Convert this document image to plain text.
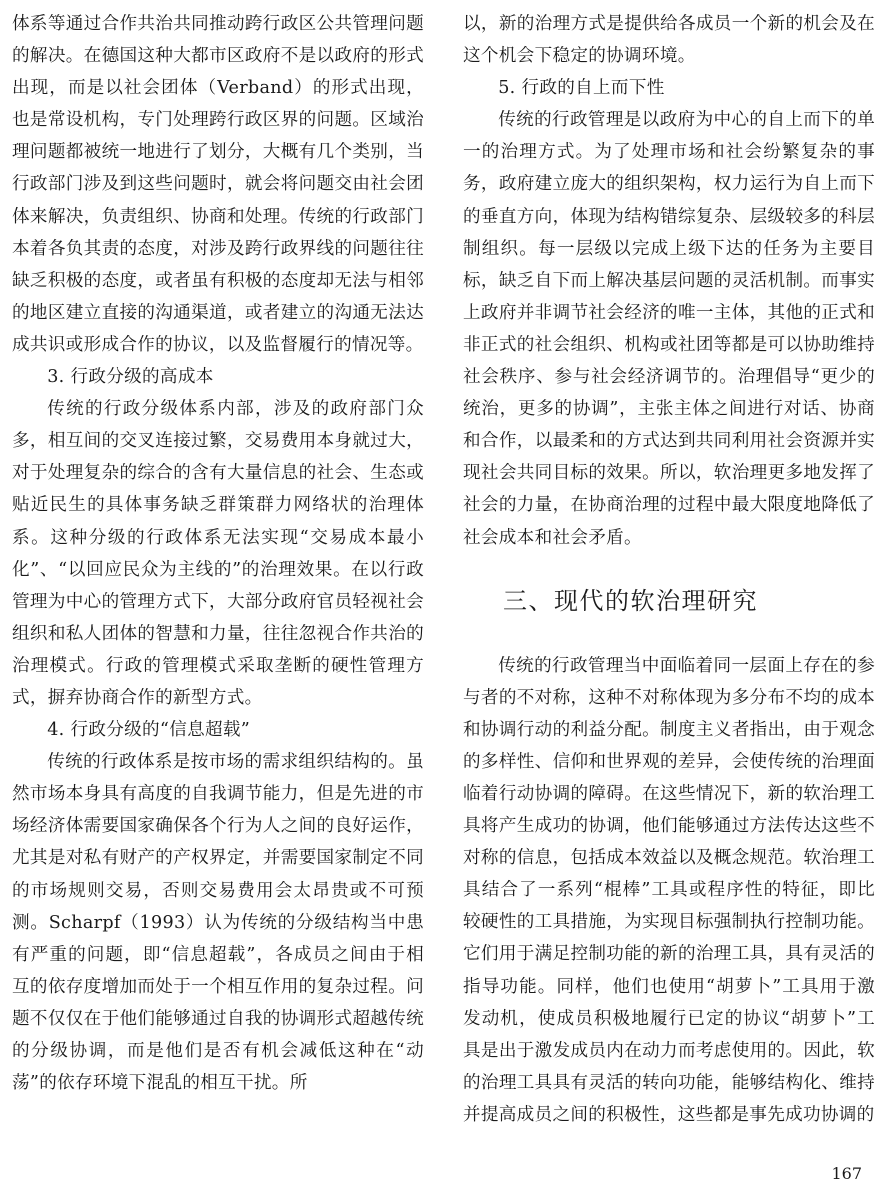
体系等通过合作共治共同推动跨行政区公共管理问题的解决。在德国这种大都市区政府不是以政府的形式出现，而是以社会团体（Verband）的形式出现，也是常设机构，专门处理跨行政区界的问题。区域治理问题都被统一地进行了划分，大概有几个类别，当行政部门涉及到这些问题时，就会将问题交由社会团体来解决，负责组织、协商和处理。传统的行政部门本着各负其责的态度，对涉及跨行政界线的问题往往缺乏积极的态度，或者虽有积极的态度却无法与相邻的地区建立直接的沟通渠道，或者建立的沟通无法达成共识或形成合作的协议，以及监督履行的情况等。

3. 行政分级的高成本

传统的行政分级体系内部，涉及的政府部门众多，相互间的交叉连接过繁，交易费用本身就过大，对于处理复杂的综合的含有大量信息的社会、生态或贴近民生的具体事务缺乏群策群力网络状的治理体系。这种分级的行政体系无法实现“交易成本最小化”、“以回应民众为主线的”的治理效果。在以行政管理为中心的管理方式下，大部分政府官员轻视社会组织和私人团体的智慧和力量，往往忽视合作共治的治理模式。行政的管理模式采取垄断的硬性管理方式，摒弃协商合作的新型方式。

4. 行政分级的“信息超载”

传统的行政体系是按市场的需求组织结构的。虽然市场本身具有高度的自我调节能力，但是先进的市场经济体需要国家确保各个行为人之间的良好运作，尤其是对私有财产的产权界定，并需要国家制定不同的市场规则交易，否则交易费用会太昂贵或不可预测。Scharpf（1993）认为传统的分级结构当中患有严重的问题，即“信息超载”，各成员之间由于相互的依存度增加而处于一个相互作用的复杂过程。问题不仅仅在于他们能够通过自我的协调形式超越传统的分级协调，而是他们是否有机会减低这种在“动荡”的依存环境下混乱的相互干扰。所

以，新的治理方式是提供给各成员一个新的机会及在这个机会下稳定的协调环境。

5. 行政的自上而下性

传统的行政管理是以政府为中心的自上而下的单一的治理方式。为了处理市场和社会纷繁复杂的事务，政府建立庞大的组织架构，权力运行为自上而下的垂直方向，体现为结构错综复杂、层级较多的科层制组织。每一层级以完成上级下达的任务为主要目标，缺乏自下而上解决基层问题的灵活机制。而事实上政府并非调节社会经济的唯一主体，其他的正式和非正式的社会组织、机构或社团等都是可以协助维持社会秩序、参与社会经济调节的。治理倡导“更少的统治，更多的协调”，主张主体之间进行对话、协商和合作，以最柔和的方式达到共同利用社会资源并实现社会共同目标的效果。所以，软治理更多地发挥了社会的力量，在协商治理的过程中最大限度地降低了社会成本和社会矛盾。

三、现代的软治理研究

传统的行政管理当中面临着同一层面上存在的参与者的不对称，这种不对称体现为多分布不均的成本和协调行动的利益分配。制度主义者指出，由于观念的多样性、信仰和世界观的差异，会使传统的治理面临着行动协调的障碍。在这些情况下，新的软治理工具将产生成功的协调，他们能够通过方法传达这些不对称的信息，包括成本效益以及概念规范。软治理工具结合了一系列“棍棒”工具或程序性的特征，即比较硬性的工具措施，为实现目标强制执行控制功能。它们用于满足控制功能的新的治理工具，具有灵活的指导功能。同样，他们也使用“胡萝卜”工具用于激发动机，使成员积极地履行已定的协议“胡萝卜”工具是出于激发成员内在动力而考虑使用的。因此，软的治理工具具有灵活的转向功能，能够结构化、维持并提高成员之间的积极性，这些都是事先成功协调的

167
